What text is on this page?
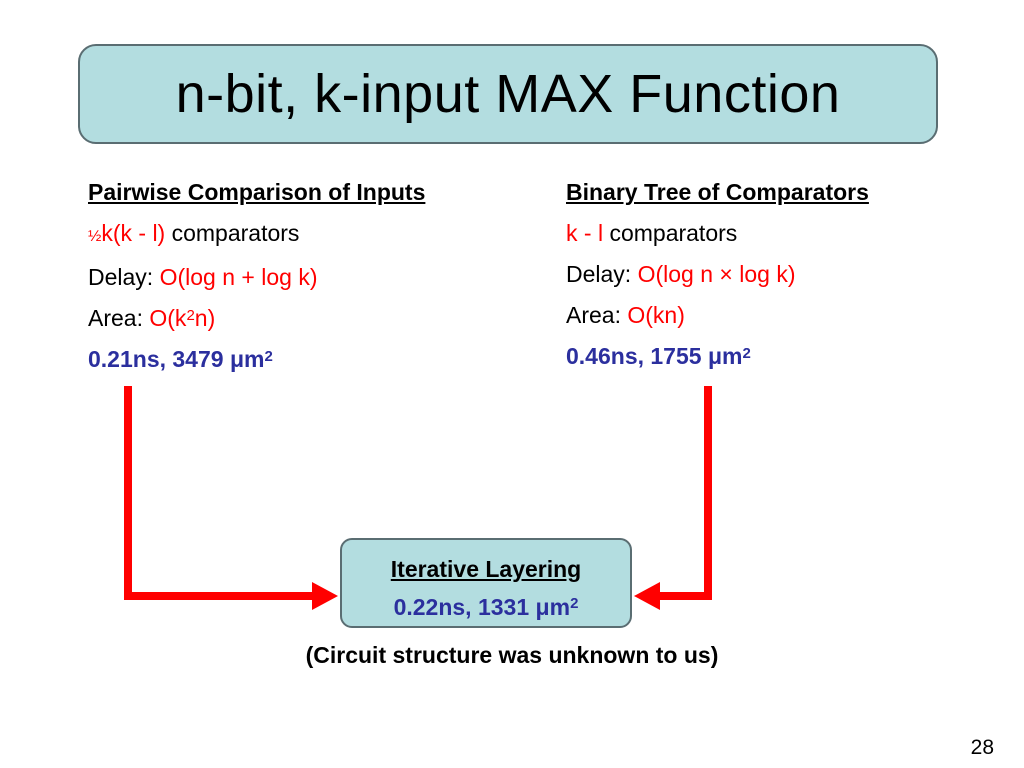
n-bit, k-input MAX Function
Pairwise Comparison of Inputs
½k(k - l) comparators
Delay: O(log n + log k)
Area: $O(k^2n)$
0.21ns, 3479 $\mu m^2$
Binary Tree of Comparators
k - l comparators
Delay: O(log n × log k)
Area: O(kn)
0.46ns, 1755 $\mu m^2$
Iterative Layering
0.22ns, 1331 $\mu m^2$
(Circuit structure was unknown to us)
28
